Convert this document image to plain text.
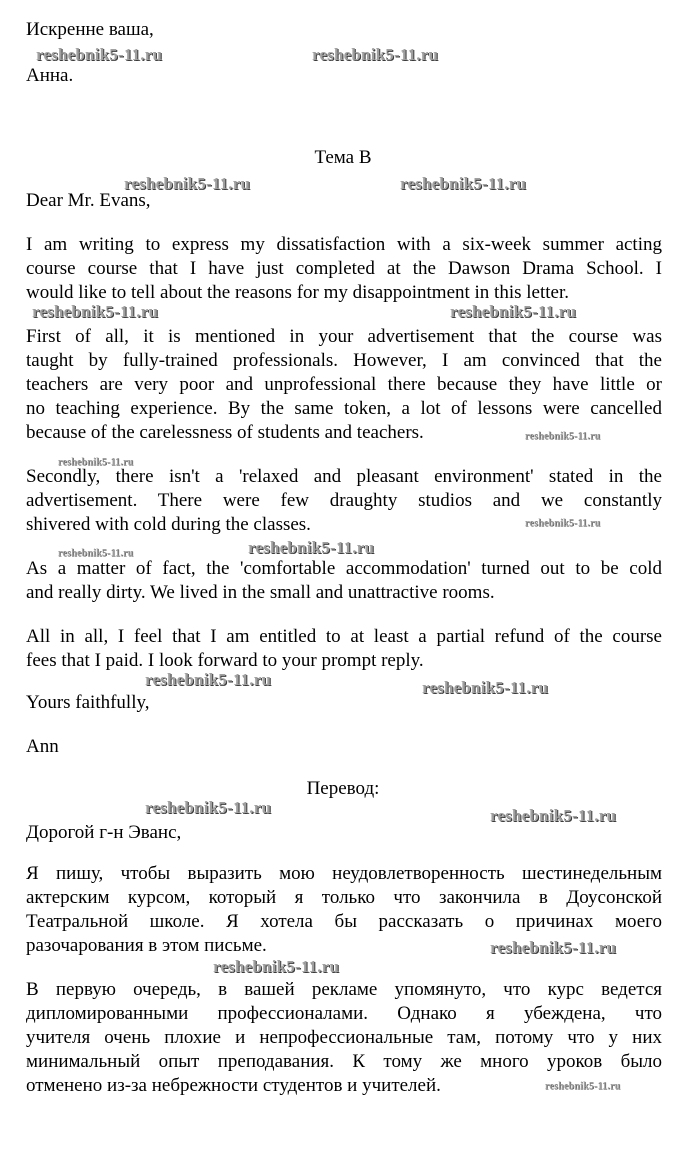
Искренне ваша,

Анна.

Тема B

Dear Mr. Evans,

I am writing to express my dissatisfaction with a six-week summer acting

course course that I have just completed at the Dawson Drama School. I

would like to tell about the reasons for my disappointment in this letter.

First of all, it is mentioned in your advertisement that the course was

taught by fully-trained professionals. However, I am convinced that the

teachers are very poor and unprofessional there because they have little or

no teaching experience. By the same token, a lot of lessons were cancelled

because of the carelessness of students and teachers.

Secondly, there isn't a 'relaxed and pleasant environment' stated in the

advertisement. There were few draughty studios and we constantly

shivered with cold during the classes.

As a matter of fact, the 'comfortable accommodation' turned out to be cold

and really dirty. We lived in the small and unattractive rooms.

All in all, I feel that I am entitled to at least a partial refund of the course

fees that I paid. I look forward to your prompt reply.

Yours faithfully,

Ann

Перевод:

Дорогой г-н Эванс,

Я пишу, чтобы выразить мою неудовлетворенность шестинедельным

актерским курсом, который я только что закончила в Доусонской

Театральной школе. Я хотела бы рассказать о причинах моего

разочарования в этом письме.

В первую очередь, в вашей рекламе упомянуто, что курс ведется

дипломированными профессионалами. Однако я убеждена, что

учителя очень плохие и непрофессиональные там, потому что у них

минимальный опыт преподавания. К тому же много уроков было

отменено из-за небрежности студентов и учителей.

reshebnik5-11.ru	reshebnik5-11.ru
reshebnik5-11.ru	reshebnik5-11.ru
reshebnik5-11.ru	reshebnik5-11.ru
reshebnik5-11.ru
reshebnik5-11.ru
reshebnik5-11.ru
reshebnik5-11.ru	reshebnik5-11.ru
reshebnik5-11.ru	reshebnik5-11.ru
reshebnik5-11.ru	reshebnik5-11.ru
reshebnik5-11.ru
reshebnik5-11.ru
reshebnik5-11.ru
